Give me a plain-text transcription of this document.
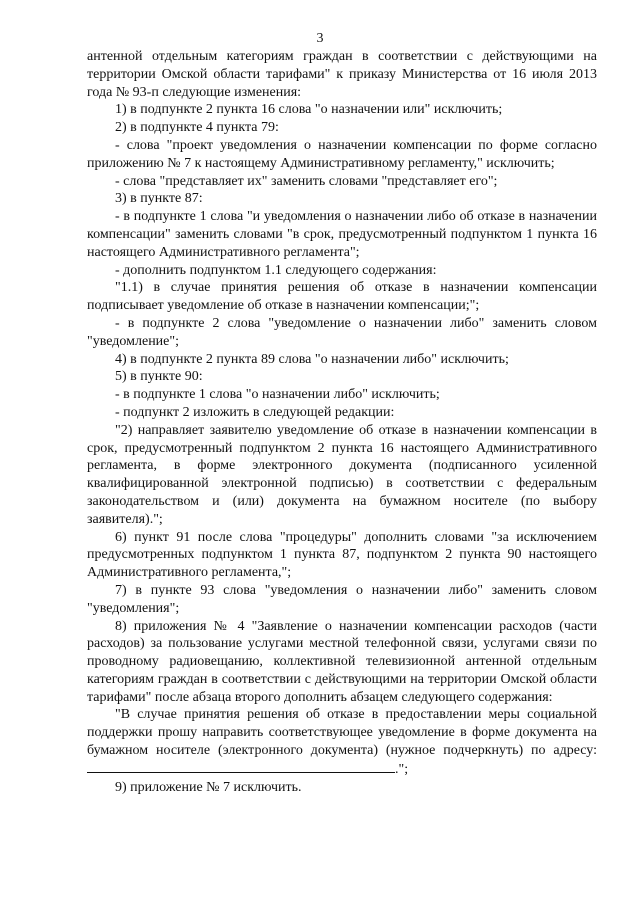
3

антенной отдельным категориям граждан в соответствии с действующими на территории Омской области тарифами" к приказу Министерства от 16 июля 2013 года № 93-п следующие изменения:

1) в подпункте 2 пункта 16 слова "о назначении или" исключить;

2) в подпункте 4 пункта 79:

- слова "проект уведомления о назначении компенсации по форме согласно приложению № 7 к настоящему Административному регламенту," исключить;

- слова "представляет их" заменить словами "представляет его";

3) в пункте 87:

- в подпункте 1 слова "и уведомления о назначении либо об отказе в назначении компенсации" заменить словами "в срок, предусмотренный подпунктом 1 пункта 16 настоящего Административного регламента";

- дополнить подпунктом 1.1 следующего содержания:

"1.1) в случае принятия решения об отказе в назначении компенсации подписывает уведомление об отказе в назначении компенсации;";

- в подпункте 2 слова "уведомление о назначении либо" заменить словом "уведомление";

4) в подпункте 2 пункта 89 слова "о назначении либо" исключить;

5) в пункте 90:

- в подпункте 1 слова "о назначении либо" исключить;

- подпункт 2 изложить в следующей редакции:

"2) направляет заявителю уведомление об отказе в назначении компенсации в срок, предусмотренный подпунктом 2 пункта 16 настоящего Административного регламента, в форме электронного документа (подписанного усиленной квалифицированной электронной подписью) в соответствии с федеральным законодательством и (или) документа на бумажном носителе (по выбору заявителя).";

6) пункт 91 после слова "процедуры" дополнить словами "за исключением предусмотренных подпунктом 1 пункта 87, подпунктом 2 пункта 90 настоящего Административного регламента,";

7) в пункте 93 слова "уведомления о назначении либо" заменить словом "уведомления";

8) приложения № 4 "Заявление о назначении компенсации расходов (части расходов) за пользование услугами местной телефонной связи, услугами связи по проводному радиовещанию, коллективной телевизионной антенной отдельным категориям граждан в соответствии с действующими на территории Омской области тарифами" после абзаца второго дополнить абзацем следующего содержания:

"В случае принятия решения об отказе в предоставлении меры социальной поддержки прошу направить соответствующее уведомление в форме документа на бумажном носителе (электронного документа) (нужное подчеркнуть) по адресу: .";

9) приложение № 7 исключить.
